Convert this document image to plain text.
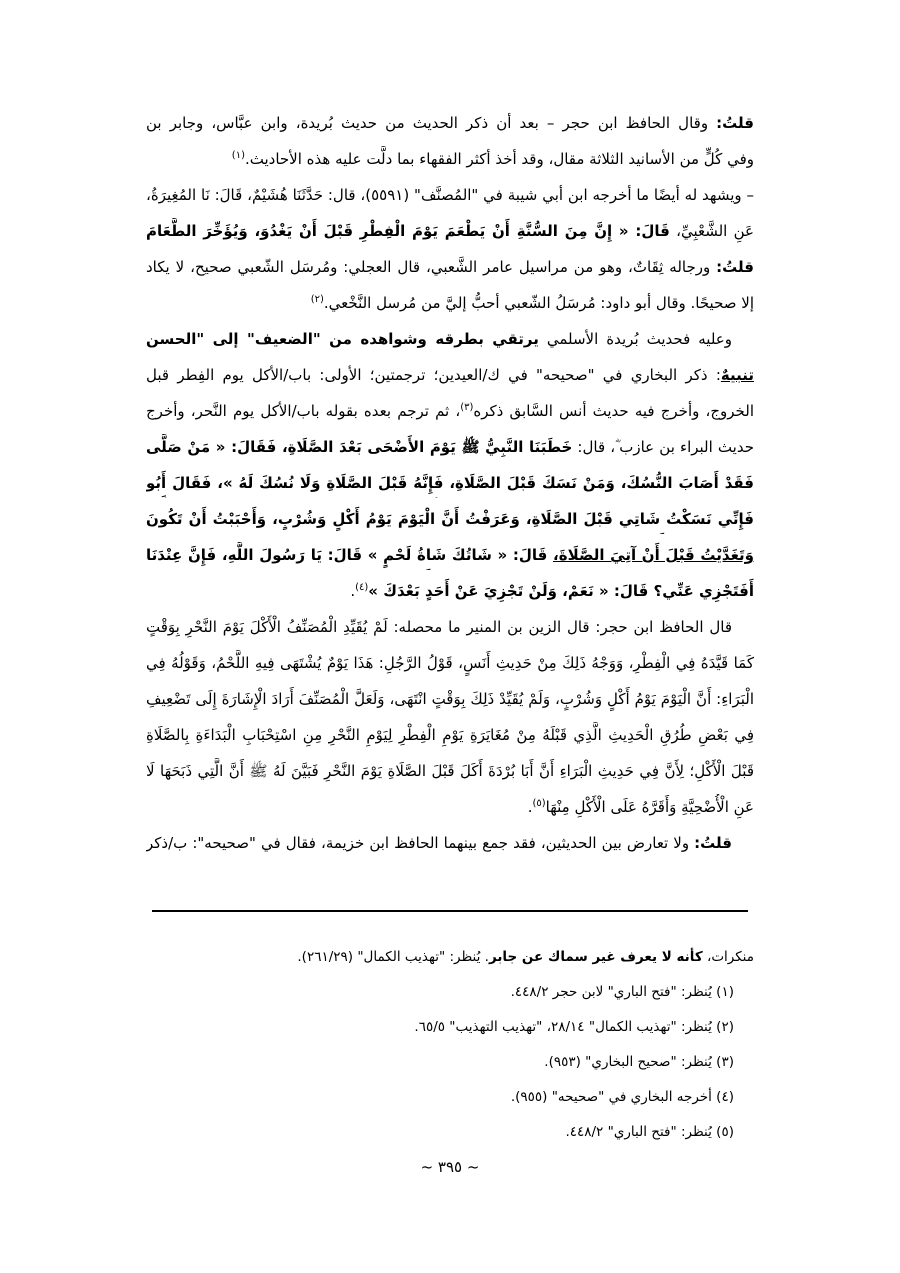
قلتُ: وقال الحافظ ابن حجر – بعد أن ذكر الحديث من حديث بُريدة، وابن عبَّاس، وجابر بن
وفي كُلٍّ من الأسانيد الثلاثة مقال، وقد أخذ أكثر الفقهاء بما دلَّت عليه هذه الأحاديث.$^{(١)}$
– ويشهد له أيضًا ما أخرجه ابن أبي شيبة في "المُصنَّف" (٥٥٩١)، قال: حَدَّثَنَا هُشَيْمٌ، قَالَ: نَا المُغِيرَةُ،
عَنِ الشَّعْبِيِّ، قَالَ: « إِنَّ مِنَ السُّنَّةِ أَنْ يَطْعَمَ يَوْمَ الْفِطْرِ قَبْلَ أَنْ يَغْدُوَ، وَيُؤَخِّرَ الطَّعَامَ
قلتُ: ورجاله ثِقَاتٌ، وهو من مراسيل عامر الشَّعبي، قال العجلي: ومُرسَل الشّعبي صحيح، لا يكاد
إلا صحيحًا. وقال أبو داود: مُرسَلُ الشّعبي أحبُّ إليَّ من مُرسل النَّخْعي.$^{(٢)}$
وعليه فحديث بُريدة الأسلمي يرتقي بطرقه وشواهده من "الضعيف" إلى "الحسن
تنبيهٌ: ذكر البخاري في "صحيحه" في ك/العيدين؛ ترجمتين؛ الأولى: باب/الأكل يوم الفِطر قبل
الخروج، وأخرج فيه حديث أنس السَّابق ذكره$^{(٣)}$، ثم ترجم بعده بقوله باب/الأكل يوم النَّحر، وأخرج
حديث البراء بن عازب ؓ، قال: خَطَبَنَا النَّبِيُّ ﷺ يَوْمَ الأَضْحَى بَعْدَ الصَّلَاةِ، فَقَالَ: « مَنْ صَلَّى
فَقَدْ أَصَابَ النُّسُكَ، وَمَنْ نَسَكَ قَبْلَ الصَّلَاةِ، فَإِنَّهُ قَبْلَ الصَّلَاةِ وَلَا نُسُكَ لَهُ »، فَقَالَ أَبُو
فَإِنِّي نَسَكْتُ شَاتِي قَبْلَ الصَّلَاةِ، وَعَرَفْتُ أَنَّ الْيَوْمَ يَوْمُ أَكْلٍ وَشُرْبٍ، وَأَحْبَبْتُ أَنْ تَكُونَ
وَتَغَدَّيْتُ قَبْلَ أَنْ آتِيَ الصَّلَاةَ، قَالَ: « شَاتُكَ شَاةُ لَحْمٍ » قَالَ: يَا رَسُولَ اللَّهِ، فَإِنَّ عِنْدَنَا
أَفَتَجْزِي عَنِّي؟ قَالَ: « نَعَمْ، وَلَنْ تَجْزِيَ عَنْ أَحَدٍ بَعْدَكَ »$^{(٤)}$.
قال الحافظ ابن حجر: قال الزين بن المنير ما محصله: لَمْ يُقَيِّدِ الْمُصَنِّفُ الْأَكْلَ يَوْمَ النَّحْرِ بِوَقْتٍ
كَمَا قَيَّدَهُ فِي الْفِطْرِ، وَوَجْهُ ذَلِكَ مِنْ حَدِيثِ أَنَسٍ، قَوْلُ الرَّجُلِ: هَذَا يَوْمٌ يُشْتَهَى فِيهِ اللَّحْمُ، وَقَوْلُهُ فِي
الْبَرَاءِ: أَنَّ الْيَوْمَ يَوْمُ أَكْلٍ وَشُرْبٍ، وَلَمْ يُقَيِّدْ ذَلِكَ بِوَقْتٍ انْتَهَى، وَلَعَلَّ الْمُصَنِّفَ أَرَادَ الْإِشَارَةَ إِلَى تَضْعِيفِ
فِي بَعْضِ طُرُقِ الْحَدِيثِ الَّذِي قَبْلَهُ مِنْ مُغَايَرَةِ يَوْمِ الْفِطْرِ لِيَوْمِ النَّحْرِ مِنِ اسْتِحْبَابِ الْبَدَاءَةِ بِالصَّلَاةِ
قَبْلَ الْأَكْلِ؛ لِأَنَّ فِي حَدِيثِ الْبَرَاءِ أَنَّ أَبَا بُرْدَةَ أَكَلَ قَبْلَ الصَّلَاةِ يَوْمَ النَّحْرِ فَبَيَّنَ لَهُ ﷺ أَنَّ الَّتِي ذَبَحَهَا لَا
عَنِ الْأُضْحِيَّةِ وَأَقَرَّهُ عَلَى الْأَكْلِ مِنْهَا$^{(٥)}$.
قلتُ: ولا تعارض بين الحديثين، فقد جمع بينهما الحافظ ابن خزيمة، فقال في "صحيحه": ب/ذكر
منكرات، كأنه لا يعرف غير سماك عن جابر. يُنظر: "تهذيب الكمال" (٢٦١/٢٩).
(١) يُنظر: "فتح الباري" لابن حجر ٤٤٨/٢.
(٢) يُنظر: "تهذيب الكمال" ٢٨/١٤، "تهذيب التهذيب" ٦٥/٥.
(٣) يُنظر: "صحيح البخاري" (٩٥٣).
(٤) أخرجه البخاري في "صحيحه" (٩٥٥).
(٥) يُنظر: "فتح الباري" ٤٤٨/٢.
~ ٣٩٥ ~
